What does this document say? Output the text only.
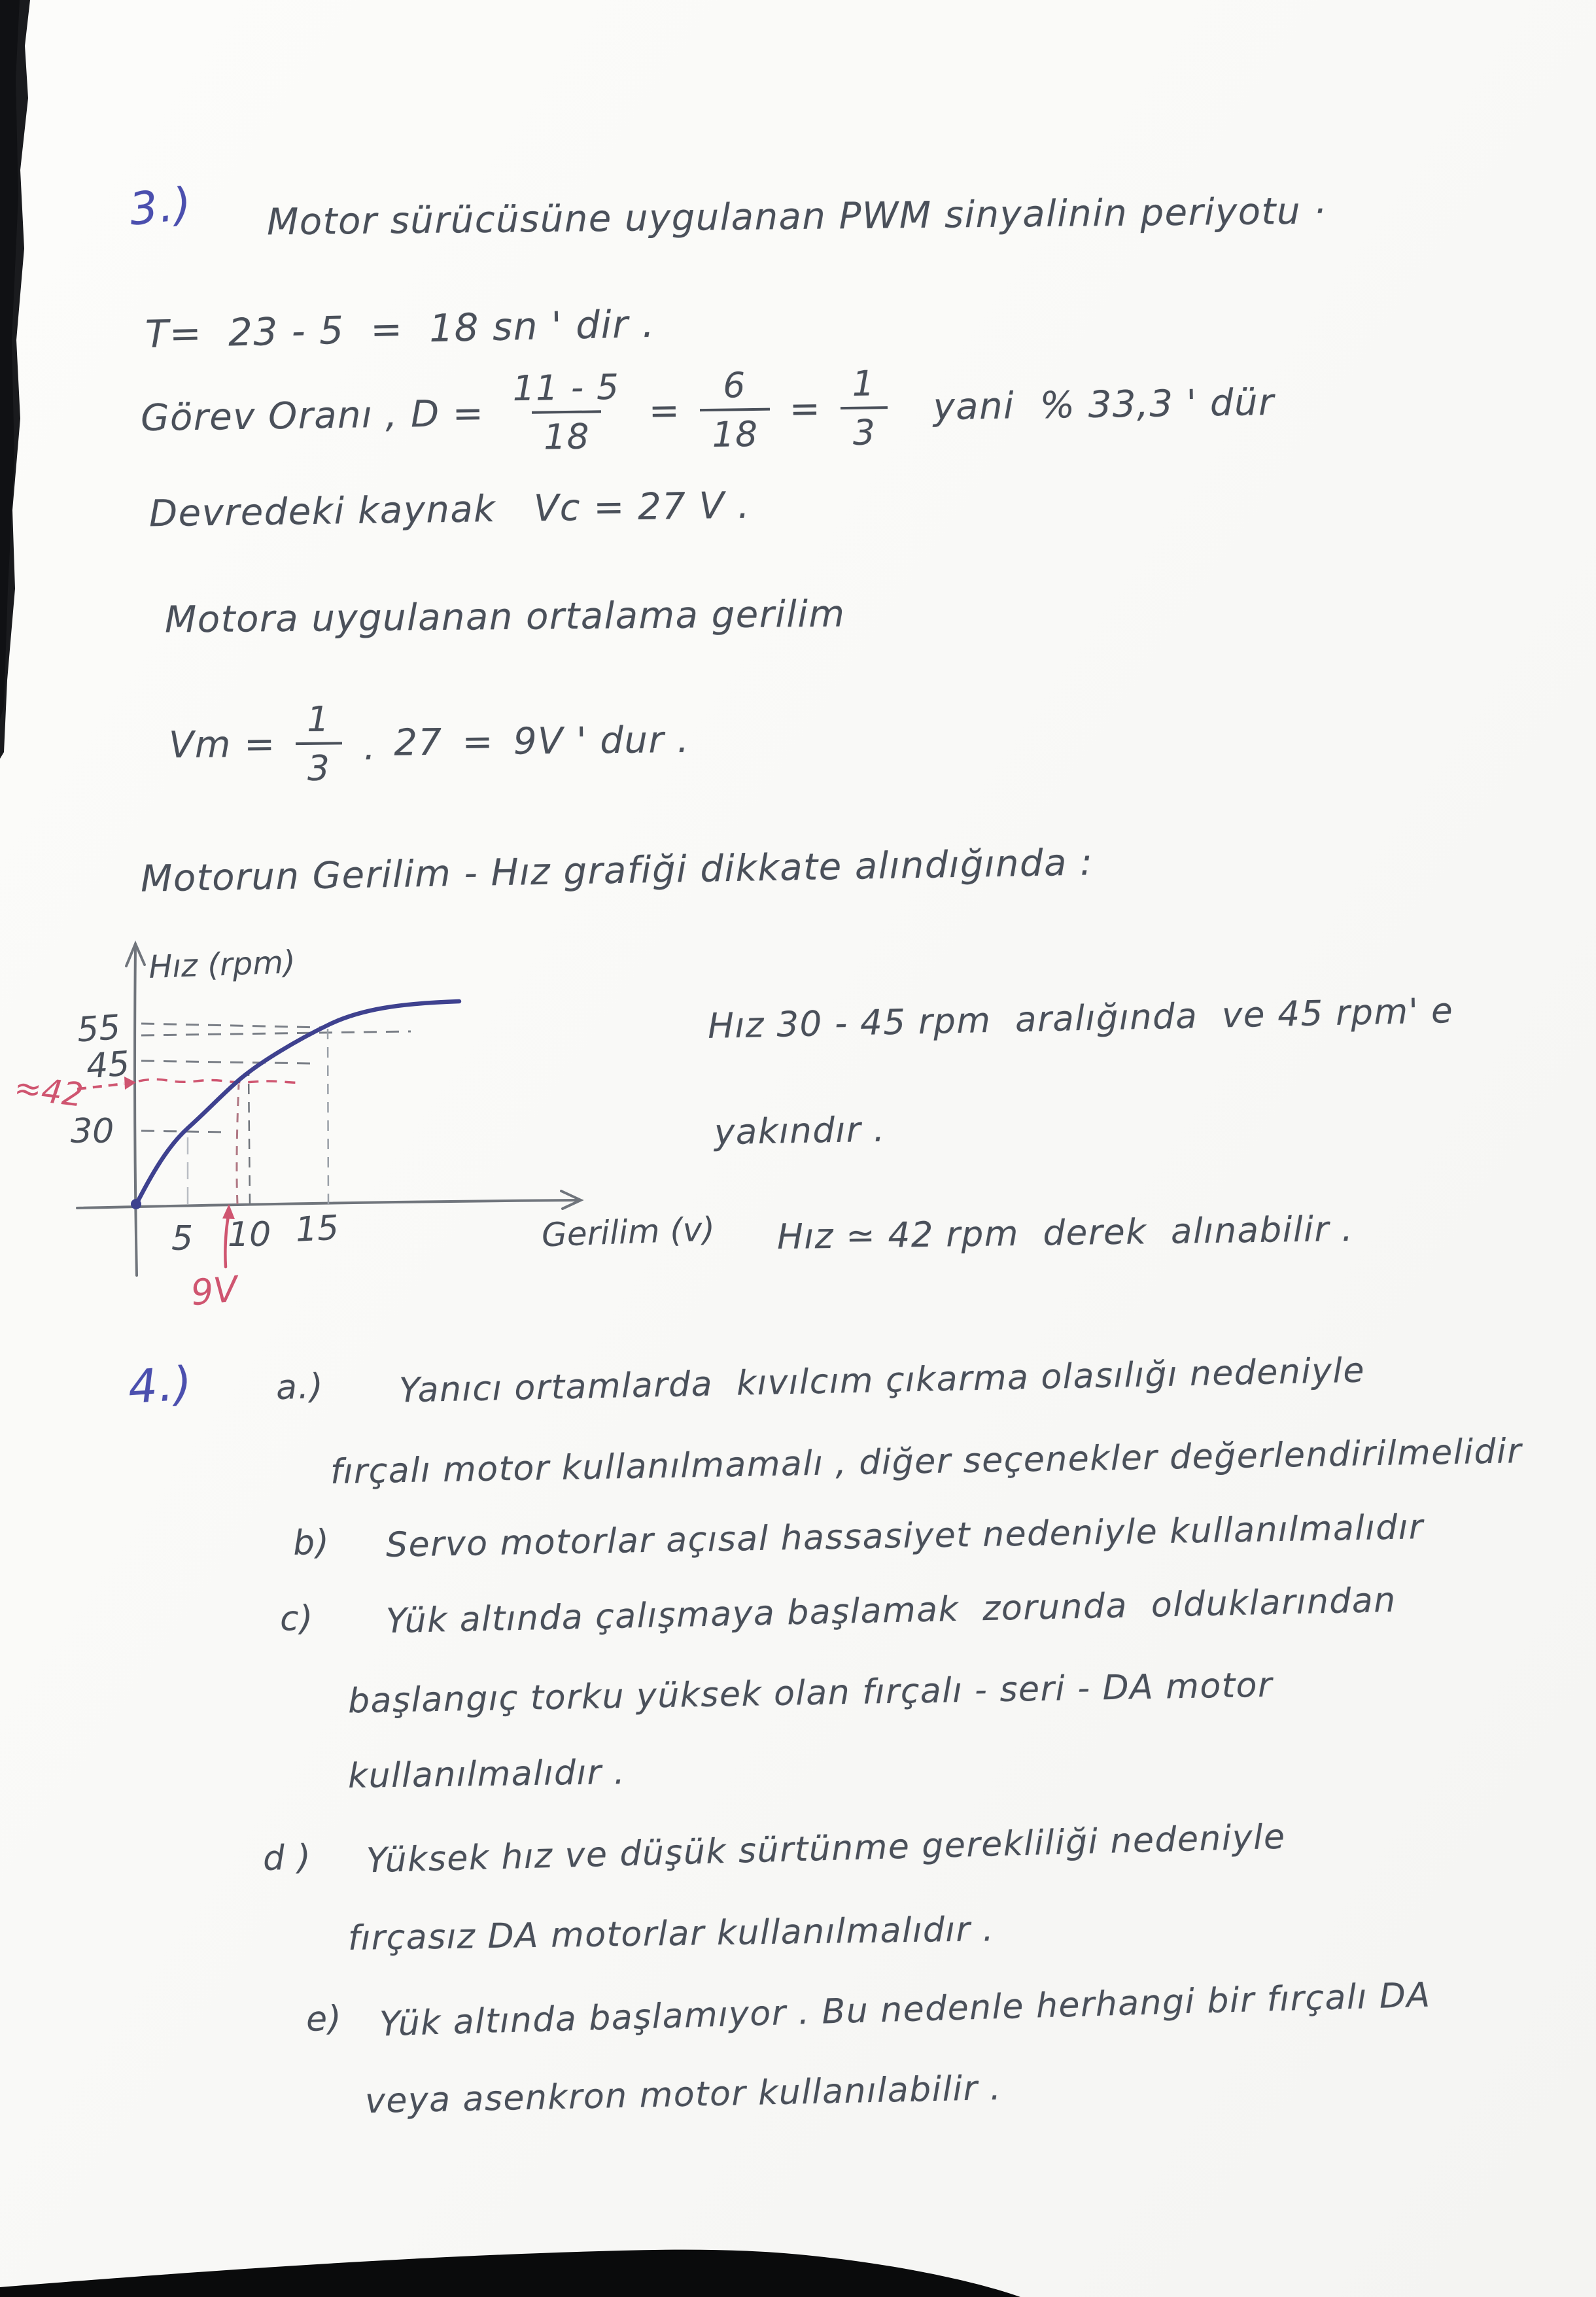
3.) Motor sürücüsüne uygulanan PWM sinyalinin periyotu ·
T=  23 - 5  =  18 sn ' dir .
Görev Oranı , $D = \frac{11 - 5}{18} = \frac{6}{18} = \frac{1}{3}$ yani  % 33,3 ' dür
Devredeki kaynak   Vc = 27 V .
Motora uygulanan ortalama gerilim
$Vm = \frac{1}{3} \cdot 27 = 9V$ ' dur .
Motorun Gerilim - Hız grafiği dikkate alındığında :
Hız (rpm)
55
45
30
≈42
5 10 15
9V
Gerilim (v)
Hız 30 - 45 rpm  aralığında  ve 45 rpm' e
yakındır .
Hız ≃ 42 rpm  derek  alınabilir .
4.) a.) Yanıcı ortamlarda  kıvılcım çıkarma olasılığı nedeniyle
fırçalı motor kullanılmamalı , diğer seçenekler değerlendirilmelidir
b) Servo motorlar açısal hassasiyet nedeniyle kullanılmalıdır
c) Yük altında çalışmaya başlamak  zorunda  olduklarından
başlangıç torku yüksek olan fırçalı - seri - DA motor
kullanılmalıdır .
d ) Yüksek hız ve düşük sürtünme gerekliliği nedeniyle
fırçasız DA motorlar kullanılmalıdır .
e) Yük altında başlamıyor . Bu nedenle herhangi bir fırçalı DA
veya asenkron motor kullanılabilir .
